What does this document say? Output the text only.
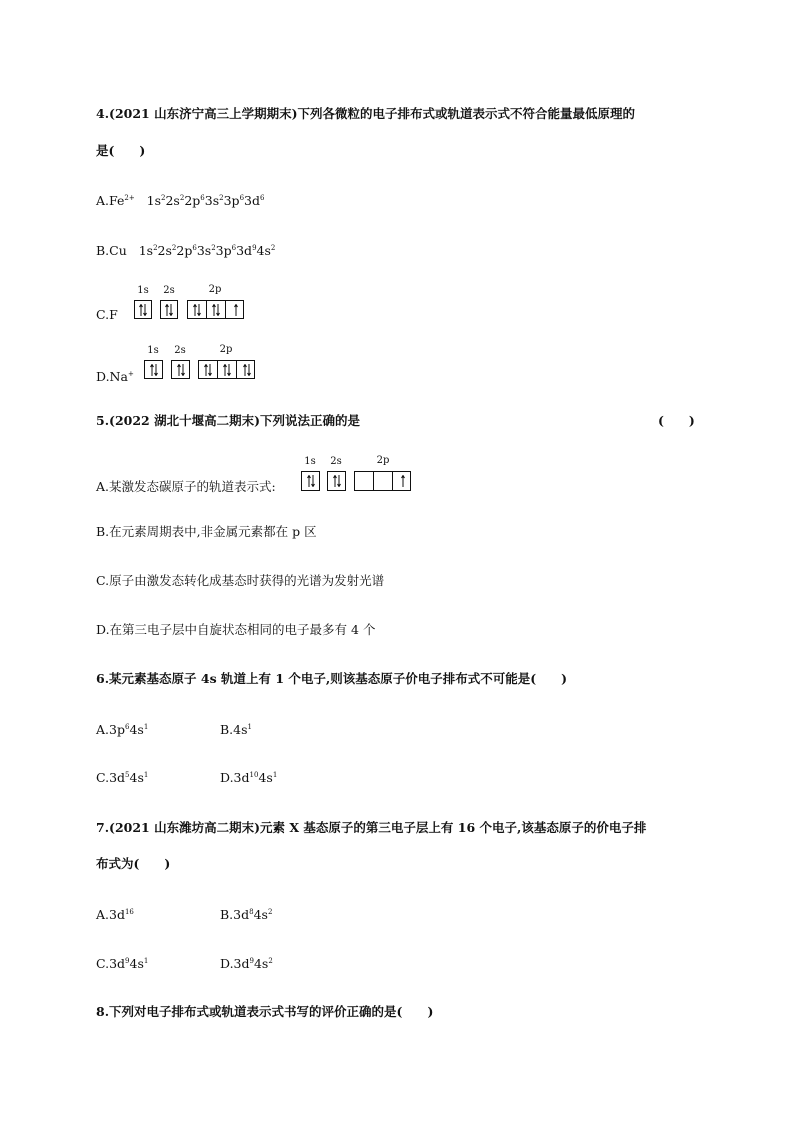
4.(2021 山东济宁高三上学期期末)下列各微粒的电子排布式或轨道表示式不符合能量最低原理的
是(　　)
$A.Fe^{2+}$ $1s^22s^22p^63s^23p^63d^6$
B.Cu $1s^22s^22p^63s^23p^63d^94s^2$
C.F
1s	2s	2p
D.Na+
1s	2s	2p
5.(2022 湖北十堰高二期末)下列说法正确的是	(　　)
A.某激发态碳原子的轨道表示式:
1s	2s	2p
B.在元素周期表中,非金属元素都在 p 区
C.原子由激发态转化成基态时获得的光谱为发射光谱
D.在第三电子层中自旋状态相同的电子最多有 4 个
6.某元素基态原子 4s 轨道上有 1 个电子,则该基态原子价电子排布式不可能是(　　)
$A.3p^64s^1$	$B.4s^1$
$C.3d^54s^1$	$D.3d^{10}4s^1$
7.(2021 山东潍坊高二期末)元素 X 基态原子的第三电子层上有 16 个电子,该基态原子的价电子排
布式为(　　)
$A.3d^{16}$	$B.3d^84s^2$
$C.3d^94s^1$	$D.3d^94s^2$
8.下列对电子排布式或轨道表示式书写的评价正确的是(　　)
